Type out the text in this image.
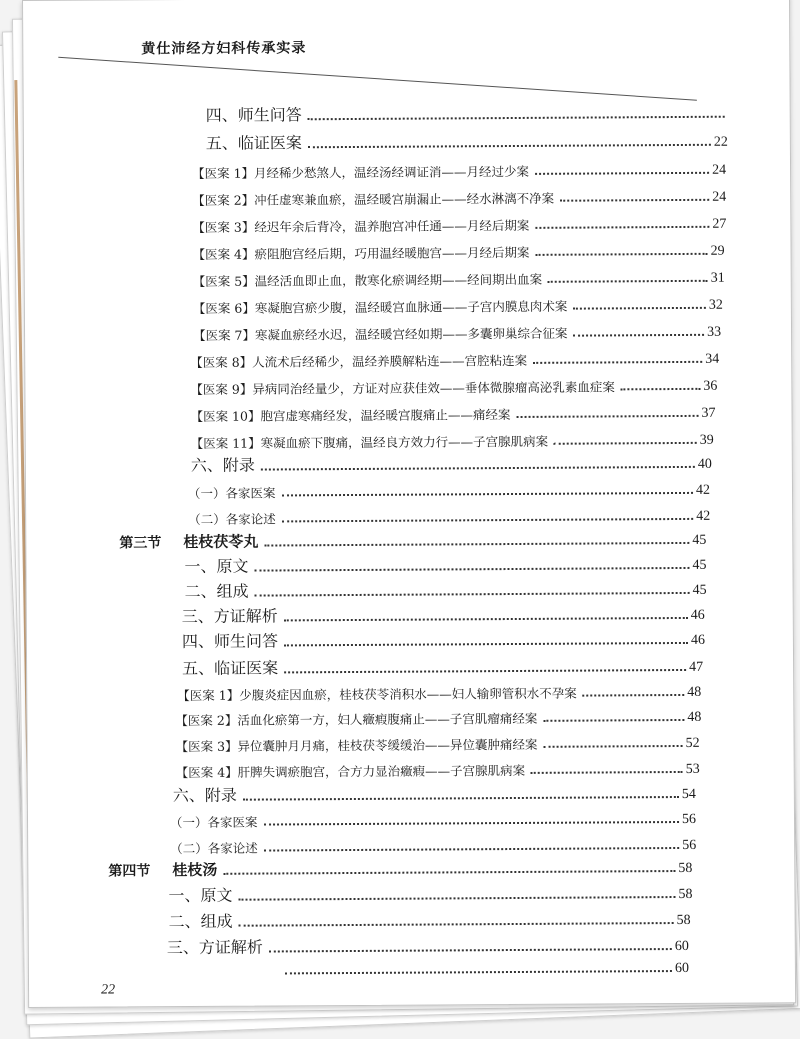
黄仕沛经方妇科传承实录
四、师生问答
五、临证医案	22
【医案 1】月经稀少愁煞人，温经汤经调证消——月经过少案	24
【医案 2】冲任虚寒兼血瘀，温经暖宫崩漏止——经水淋漓不净案	24
【医案 3】经迟年余后背冷，温养胞宫冲任通——月经后期案	27
【医案 4】瘀阻胞宫经后期，巧用温经暖胞宫——月经后期案	29
【医案 5】温经活血即止血，散寒化瘀调经期——经间期出血案	31
【医案 6】寒凝胞宫瘀少腹，温经暖宫血脉通——子宫内膜息肉术案	32
【医案 7】寒凝血瘀经水迟，温经暖宫经如期——多囊卵巢综合征案	33
【医案 8】人流术后经稀少，温经养膜解粘连——宫腔粘连案	34
【医案 9】异病同治经量少，方证对应获佳效——垂体微腺瘤高泌乳素血症案	36
【医案 10】胞宫虚寒痛经发，温经暖宫腹痛止——痛经案	37
【医案 11】寒凝血瘀下腹痛，温经良方效力行——子宫腺肌病案	39
六、附录	40
（一）各家医案	42
（二）各家论述	42
第三节 桂枝茯苓丸	45
一、原文	45
二、组成	45
三、方证解析	46
四、师生问答	46
五、临证医案	47
【医案 1】少腹炎症因血瘀，桂枝茯苓消积水——妇人输卵管积水不孕案	48
【医案 2】活血化瘀第一方，妇人癥瘕腹痛止——子宫肌瘤痛经案	48
【医案 3】异位囊肿月月痛，桂枝茯苓缓缓治——异位囊肿痛经案	52
【医案 4】肝脾失调瘀胞宫，合方力显治癥瘕——子宫腺肌病案	53
六、附录	54
（一）各家医案	56
（二）各家论述	56
第四节 桂枝汤	58
一、原文	58
二、组成	58
三、方证解析	60
60
22
